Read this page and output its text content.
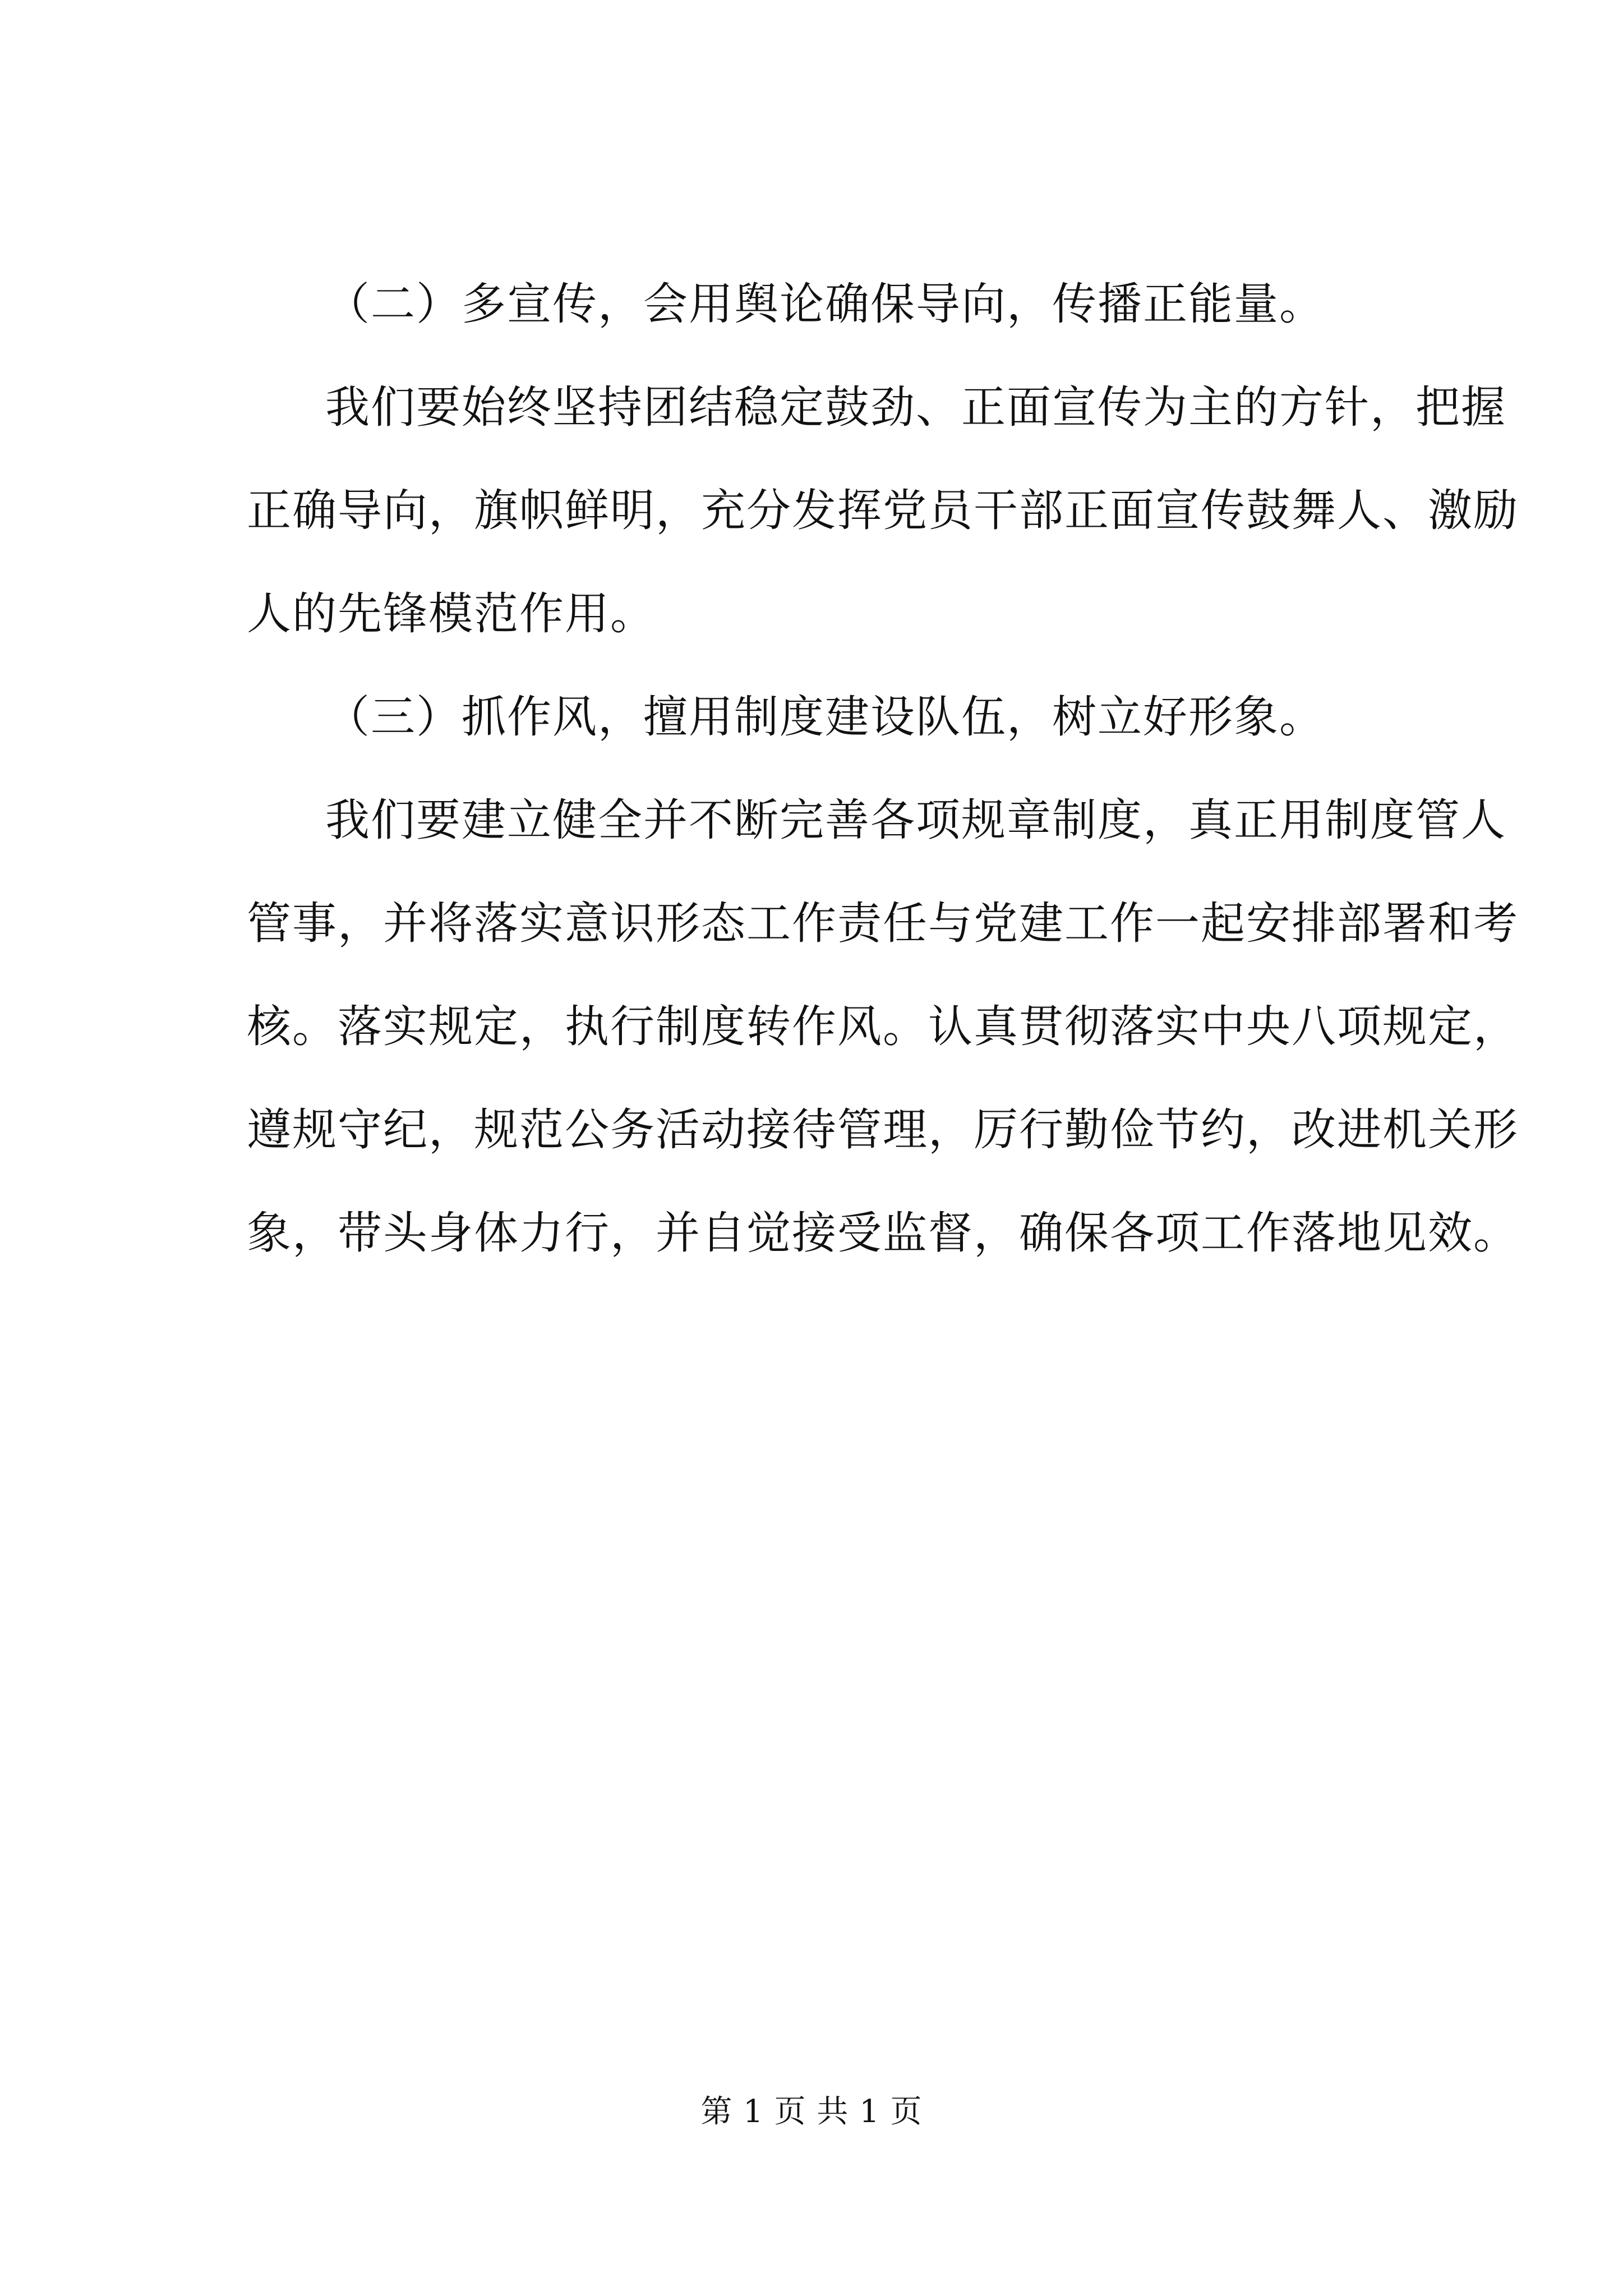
（二）多宣传，会用舆论确保导向，传播正能量。

我们要始终坚持团结稳定鼓劲、正面宣传为主的方针，把握
正确导向，旗帜鲜明，充分发挥党员干部正面宣传鼓舞人、激励
人的先锋模范作用。

（三）抓作风，擅用制度建设队伍，树立好形象。

我们要建立健全并不断完善各项规章制度，真正用制度管人
管事，并将落实意识形态工作责任与党建工作一起安排部署和考
核。落实规定，执行制度转作风。认真贯彻落实中央八项规定，
遵规守纪，规范公务活动接待管理，厉行勤俭节约，改进机关形
象，带头身体力行，并自觉接受监督，确保各项工作落地见效。

第 1 页 共 1 页
